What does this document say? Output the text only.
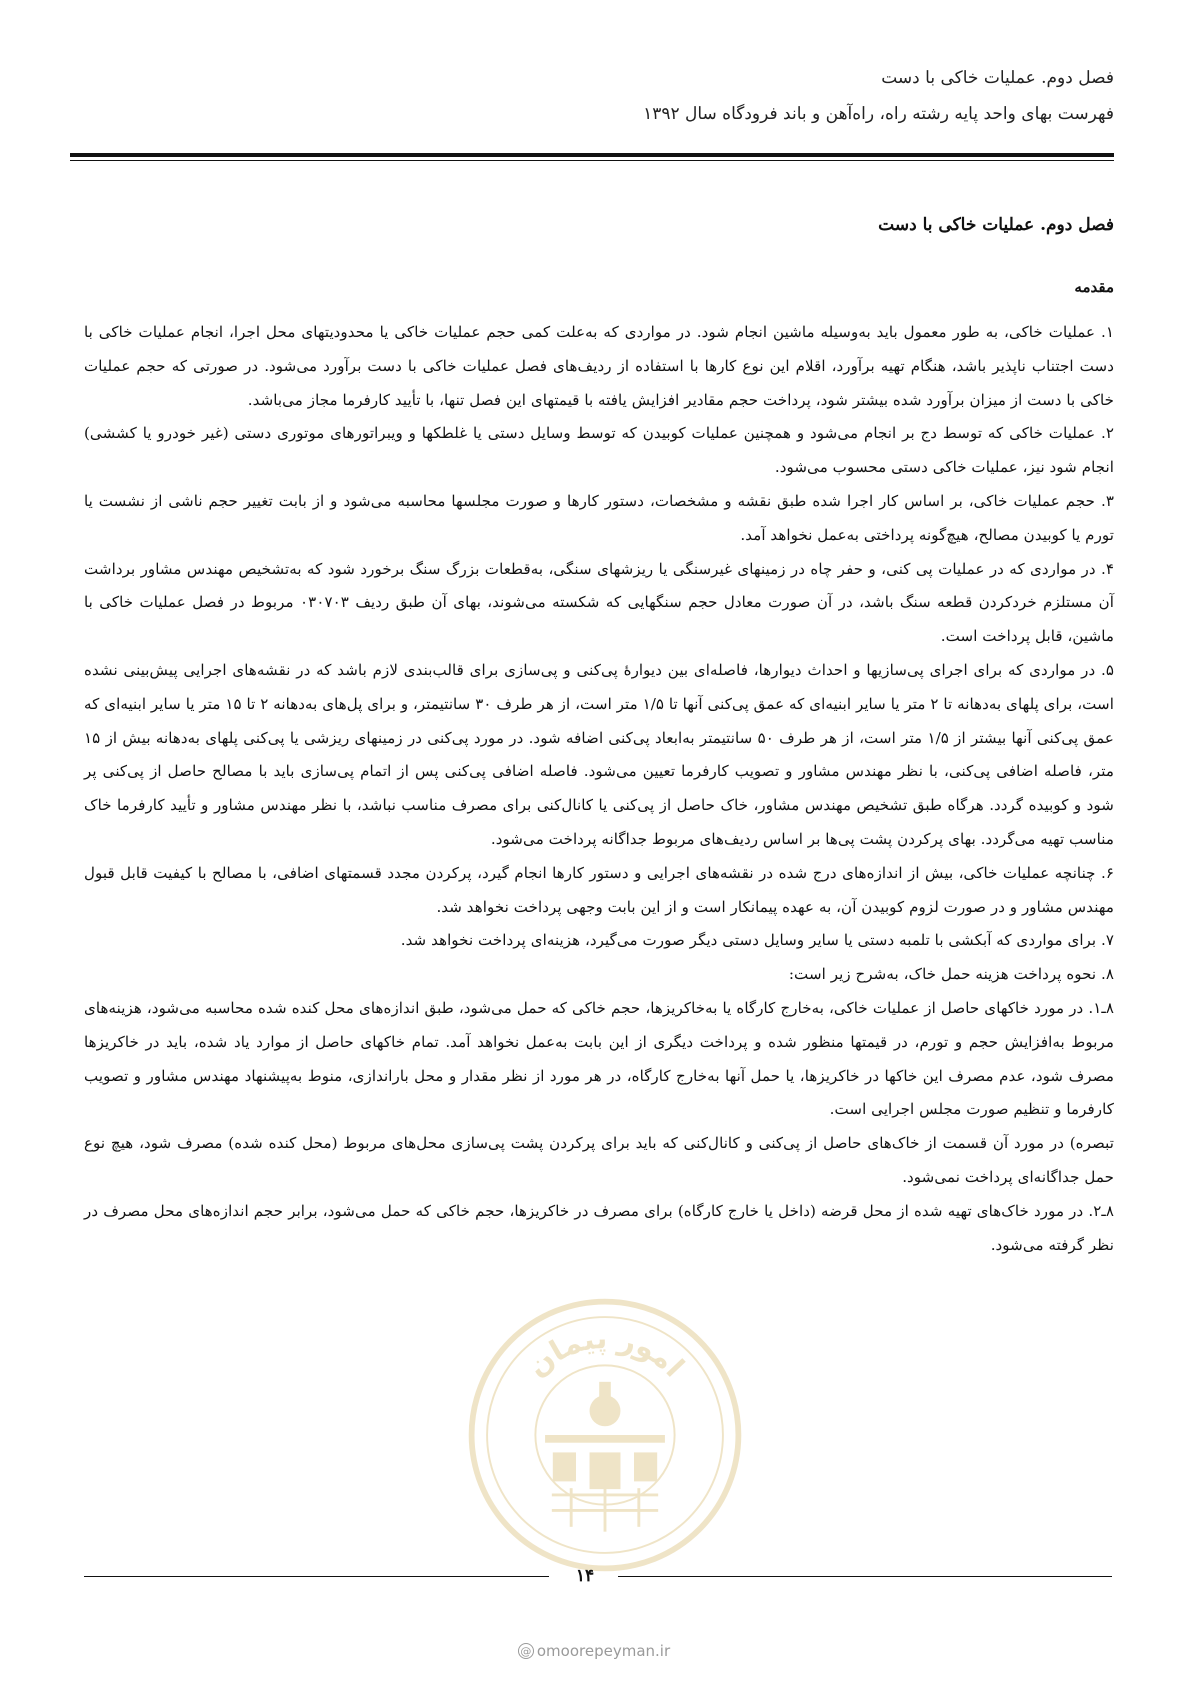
فصل دوم. عملیات خاکی با دست
فهرست بهای واحد پایه رشته راه، راه‌آهن و باند فرودگاه سال ۱۳۹۲
امور پیمان
فصل دوم. عملیات خاکی با دست
مقدمه

۱. عملیات خاکی، به طور معمول باید به‌وسیله ماشین انجام شود. در مواردی که به‌علت کمی حجم عملیات خاکی یا محدودیتهای محل اجرا، انجام عملیات خاکی با دست اجتناب ناپذیر باشد، هنگام تهیه برآورد، اقلام این نوع کارها با استفاده از ردیف‌های فصل عملیات خاکی با دست برآورد می‌شود. در صورتی که حجم عملیات خاکی با دست از میزان برآورد شده بیشتر شود، پرداخت حجم مقادیر افزایش یافته با قیمتهای این فصل تنها، با تأیید کارفرما مجاز می‌باشد.

۲. عملیات خاکی که توسط دج بر انجام می‌شود و همچنین عملیات کوبیدن که توسط وسایل دستی یا غلطکها و ویبراتورهای موتوری دستی (غیر خودرو یا کششی) انجام شود نیز، عملیات خاکی دستی محسوب می‌شود.

۳. حجم عملیات خاکی، بر اساس کار اجرا شده طبق نقشه و مشخصات، دستور کارها و صورت مجلسها محاسبه می‌شود و از بابت تغییر حجم ناشی از نشست یا تورم یا کوبیدن مصالح، هیچ‌گونه پرداختی به‌عمل نخواهد آمد.

۴. در مواردی که در عملیات پی کنی، و حفر چاه در زمینهای غیرسنگی یا ریزشهای سنگی، به‌قطعات بزرگ سنگ برخورد شود که به‌تشخیص مهندس مشاور برداشت آن مستلزم خردکردن قطعه سنگ باشد، در آن صورت معادل حجم سنگهایی که شکسته می‌شوند، بهای آن طبق ردیف ۰۳۰۷۰۳ مربوط در فصل عملیات خاکی با ماشین، قابل پرداخت است.

۵. در مواردی که برای اجرای پی‌سازیها و احداث دیوارها، فاصله‌ای بین دیوارهٔ پی‌کنی و پی‌سازی برای قالب‌بندی لازم باشد که در نقشه‌های اجرایی پیش‌بینی نشده است، برای پلهای به‌دهانه تا ۲ متر یا سایر ابنیه‌ای که عمق پی‌کنی آنها تا ۱/۵ متر است، از هر طرف ۳۰ سانتیمتر، و برای پل‌های به‌دهانه ۲ تا ۱۵ متر یا سایر ابنیه‌ای که عمق پی‌کنی آنها بیشتر از ۱/۵ متر است، از هر طرف ۵۰ سانتیمتر به‌ابعاد پی‌کنی اضافه شود. در مورد پی‌کنی در زمینهای ریزشی یا پی‌کنی پلهای به‌دهانه بیش از ۱۵ متر، فاصله اضافی پی‌کنی، با نظر مهندس مشاور و تصویب کارفرما تعیین می‌شود. فاصله اضافی پی‌کنی پس از اتمام پی‌سازی باید با مصالح حاصل از پی‌کنی پر شود و کوبیده گردد. هرگاه طبق تشخیص مهندس مشاور، خاک حاصل از پی‌کنی یا کانال‌کنی برای مصرف مناسب نباشد، با نظر مهندس مشاور و تأیید کارفرما خاک مناسب تهیه می‌گردد. بهای پرکردن پشت پی‌ها بر اساس ردیف‌های مربوط جداگانه پرداخت می‌شود.

۶. چنانچه عملیات خاکی، بیش از اندازه‌های درج شده در نقشه‌های اجرایی و دستور کارها انجام گیرد، پرکردن مجدد قسمتهای اضافی، با مصالح با کیفیت قابل قبول مهندس مشاور و در صورت لزوم کوبیدن آن، به عهده پیمانکار است و از این بابت وجهی پرداخت نخواهد شد.

۷. برای مواردی که آبکشی با تلمبه دستی یا سایر وسایل دستی دیگر صورت می‌گیرد، هزینه‌ای پرداخت نخواهد شد.

۸. نحوه پرداخت هزینه حمل خاک، به‌شرح زیر است:

۸ـ۱. در مورد خاکهای حاصل از عملیات خاکی، به‌خارج کارگاه یا به‌خاکریزها، حجم خاکی که حمل می‌شود، طبق اندازه‌های محل کنده شده محاسبه می‌شود، هزینه‌های مربوط به‌افزایش حجم و تورم، در قیمتها منظور شده و پرداخت دیگری از این بابت به‌عمل نخواهد آمد. تمام خاکهای حاصل از موارد یاد شده، باید در خاکریزها مصرف شود، عدم مصرف این خاکها در خاکریزها، یا حمل آنها به‌خارج کارگاه، در هر مورد از نظر مقدار و محل باراندازی، منوط به‌پیشنهاد مهندس مشاور و تصویب کارفرما و تنظیم صورت مجلس اجرایی است.

تبصره) در مورد آن قسمت از خاک‌های حاصل از پی‌کنی و کانال‌کنی که باید برای پرکردن پشت پی‌سازی محل‌های مربوط (محل کنده شده) مصرف شود، هیچ نوع حمل جداگانه‌ای پرداخت نمی‌شود.

۸ـ۲. در مورد خاک‌های تهیه شده از محل قرضه (داخل یا خارج کارگاه) برای مصرف در خاکریزها، حجم خاکی که حمل می‌شود، برابر حجم اندازه‌های محل مصرف در نظر گرفته می‌شود.

۱۴
@ omoorepeyman.ir
